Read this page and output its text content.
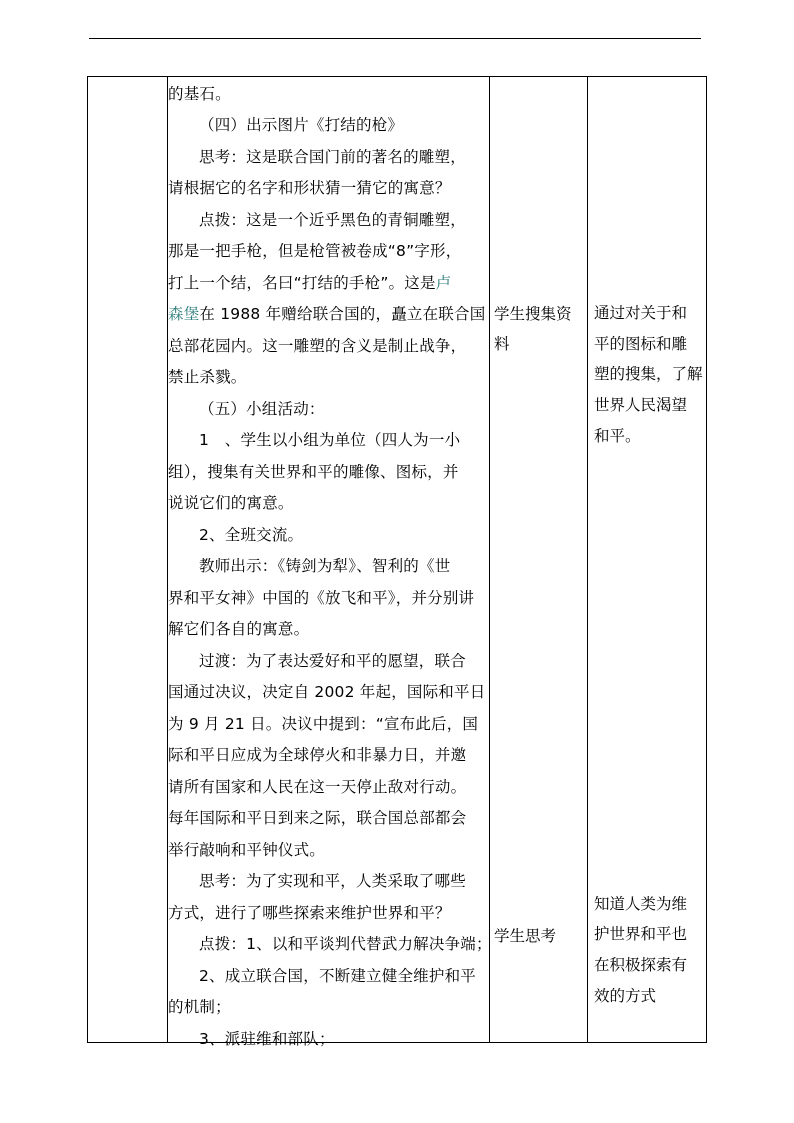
的基石。
（四）出示图片《打结的枪》
思考：这是联合国门前的著名的雕塑，
请根据它的名字和形状猜一猜它的寓意？
点拨：这是一个近乎黑色的青铜雕塑，
那是一把手枪，但是枪管被卷成“8”字形，
打上一个结，名曰“打结的手枪”。这是卢
森堡在 1988 年赠给联合国的，矗立在联合国
总部花园内。这一雕塑的含义是制止战争，
禁止杀戮。
（五）小组活动：
1　、学生以小组为单位（四人为一小
组），搜集有关世界和平的雕像、图标，并
说说它们的寓意。
2、全班交流。
教师出示：《铸剑为犁》、智利的《世
界和平女神》中国的《放飞和平》，并分别讲
解它们各自的寓意。
过渡：为了表达爱好和平的愿望，联合
国通过决议，决定自 2002 年起，国际和平日
为 9 月 21 日。决议中提到：“宣布此后，国
际和平日应成为全球停火和非暴力日，并邀
请所有国家和人民在这一天停止敌对行动。
每年国际和平日到来之际，联合国总部都会
举行敲响和平钟仪式。
思考：为了实现和平，人类采取了哪些
方式，进行了哪些探索来维护世界和平？
点拨：1、以和平谈判代替武力解决争端；
2、成立联合国，不断建立健全维护和平
的机制；
3、派驻维和部队；
学生搜集资
料
学生思考
通过对关于和
平的图标和雕
塑的搜集，了解
世界人民渴望
和平。
知道人类为维
护世界和平也
在积极探索有
效的方式
